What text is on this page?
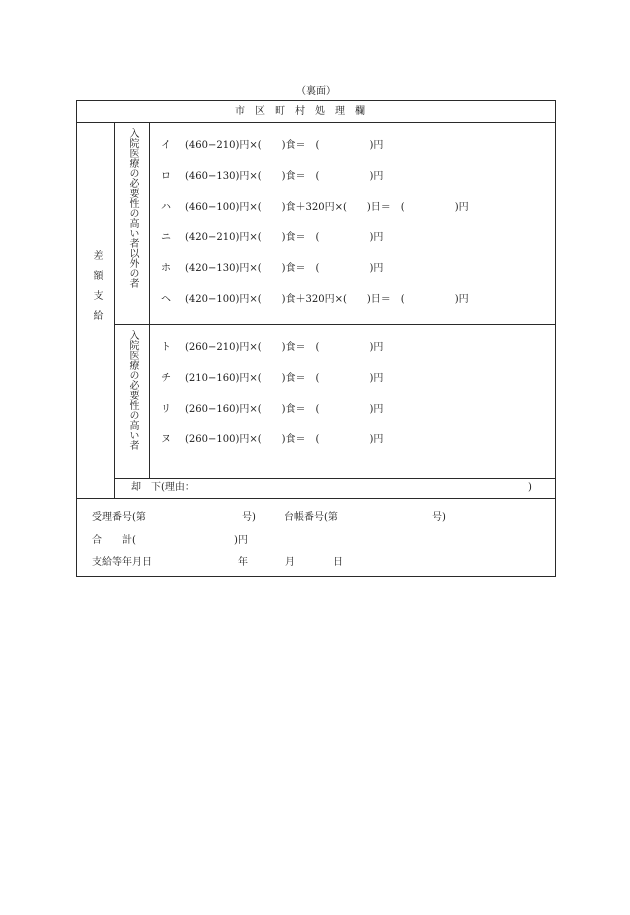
（裏面）
市　区　町　村　処　理　欄
差　額　支　給	入院医療の必要性の高い者以外の者 イ (460−210)円×(　　)食＝　(　　　　　)円
ロ (460−130)円×(　　)食＝　(　　　　　)円
ハ (460−100)円×(　　)食＋320円×(　　)日＝　(　　　　　)円
ニ (420−210)円×(　　)食＝　(　　　　　)円
ホ (420−130)円×(　　)食＝　(　　　　　)円
ヘ (420−100)円×(　　)食＋320円×(　　)日＝　(　　　　　)円
入院医療の必要性の高い者 ト (260−210)円×(　　)食＝　(　　　　　)円
チ (210−160)円×(　　)食＝　(　　　　　)円
リ (260−160)円×(　　)食＝　(　　　　　)円
ヌ (260−100)円×(　　)食＝　(　　　　　)円
却　下(理由：	)
受理番号(第	号)	台帳番号(第	号)
合　　計(	)円
支給等年月日	年	月	日
